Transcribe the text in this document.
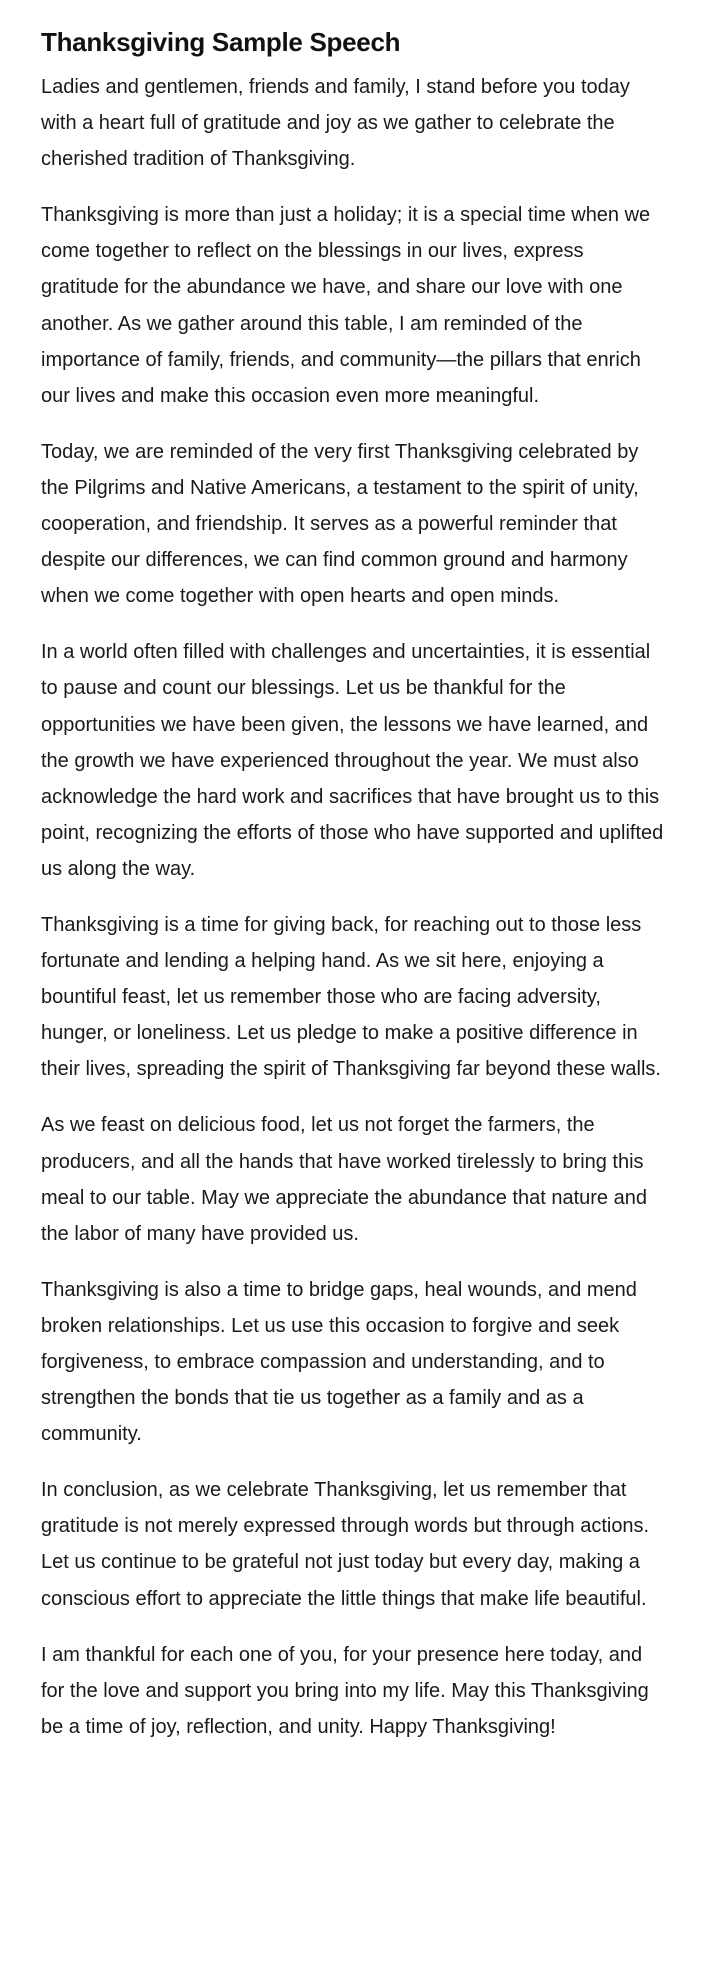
Thanksgiving Sample Speech

Ladies and gentlemen, friends and family, I stand before you today with a heart full of gratitude and joy as we gather to celebrate the cherished tradition of Thanksgiving.

Thanksgiving is more than just a holiday; it is a special time when we come together to reflect on the blessings in our lives, express gratitude for the abundance we have, and share our love with one another. As we gather around this table, I am reminded of the importance of family, friends, and community—the pillars that enrich our lives and make this occasion even more meaningful.

Today, we are reminded of the very first Thanksgiving celebrated by the Pilgrims and Native Americans, a testament to the spirit of unity, cooperation, and friendship. It serves as a powerful reminder that despite our differences, we can find common ground and harmony when we come together with open hearts and open minds.

In a world often filled with challenges and uncertainties, it is essential to pause and count our blessings. Let us be thankful for the opportunities we have been given, the lessons we have learned, and the growth we have experienced throughout the year. We must also acknowledge the hard work and sacrifices that have brought us to this point, recognizing the efforts of those who have supported and uplifted us along the way.

Thanksgiving is a time for giving back, for reaching out to those less fortunate and lending a helping hand. As we sit here, enjoying a bountiful feast, let us remember those who are facing adversity, hunger, or loneliness. Let us pledge to make a positive difference in their lives, spreading the spirit of Thanksgiving far beyond these walls.

As we feast on delicious food, let us not forget the farmers, the producers, and all the hands that have worked tirelessly to bring this meal to our table. May we appreciate the abundance that nature and the labor of many have provided us.

Thanksgiving is also a time to bridge gaps, heal wounds, and mend broken relationships. Let us use this occasion to forgive and seek forgiveness, to embrace compassion and understanding, and to strengthen the bonds that tie us together as a family and as a community.

In conclusion, as we celebrate Thanksgiving, let us remember that gratitude is not merely expressed through words but through actions. Let us continue to be grateful not just today but every day, making a conscious effort to appreciate the little things that make life beautiful.

I am thankful for each one of you, for your presence here today, and for the love and support you bring into my life. May this Thanksgiving be a time of joy, reflection, and unity. Happy Thanksgiving!
